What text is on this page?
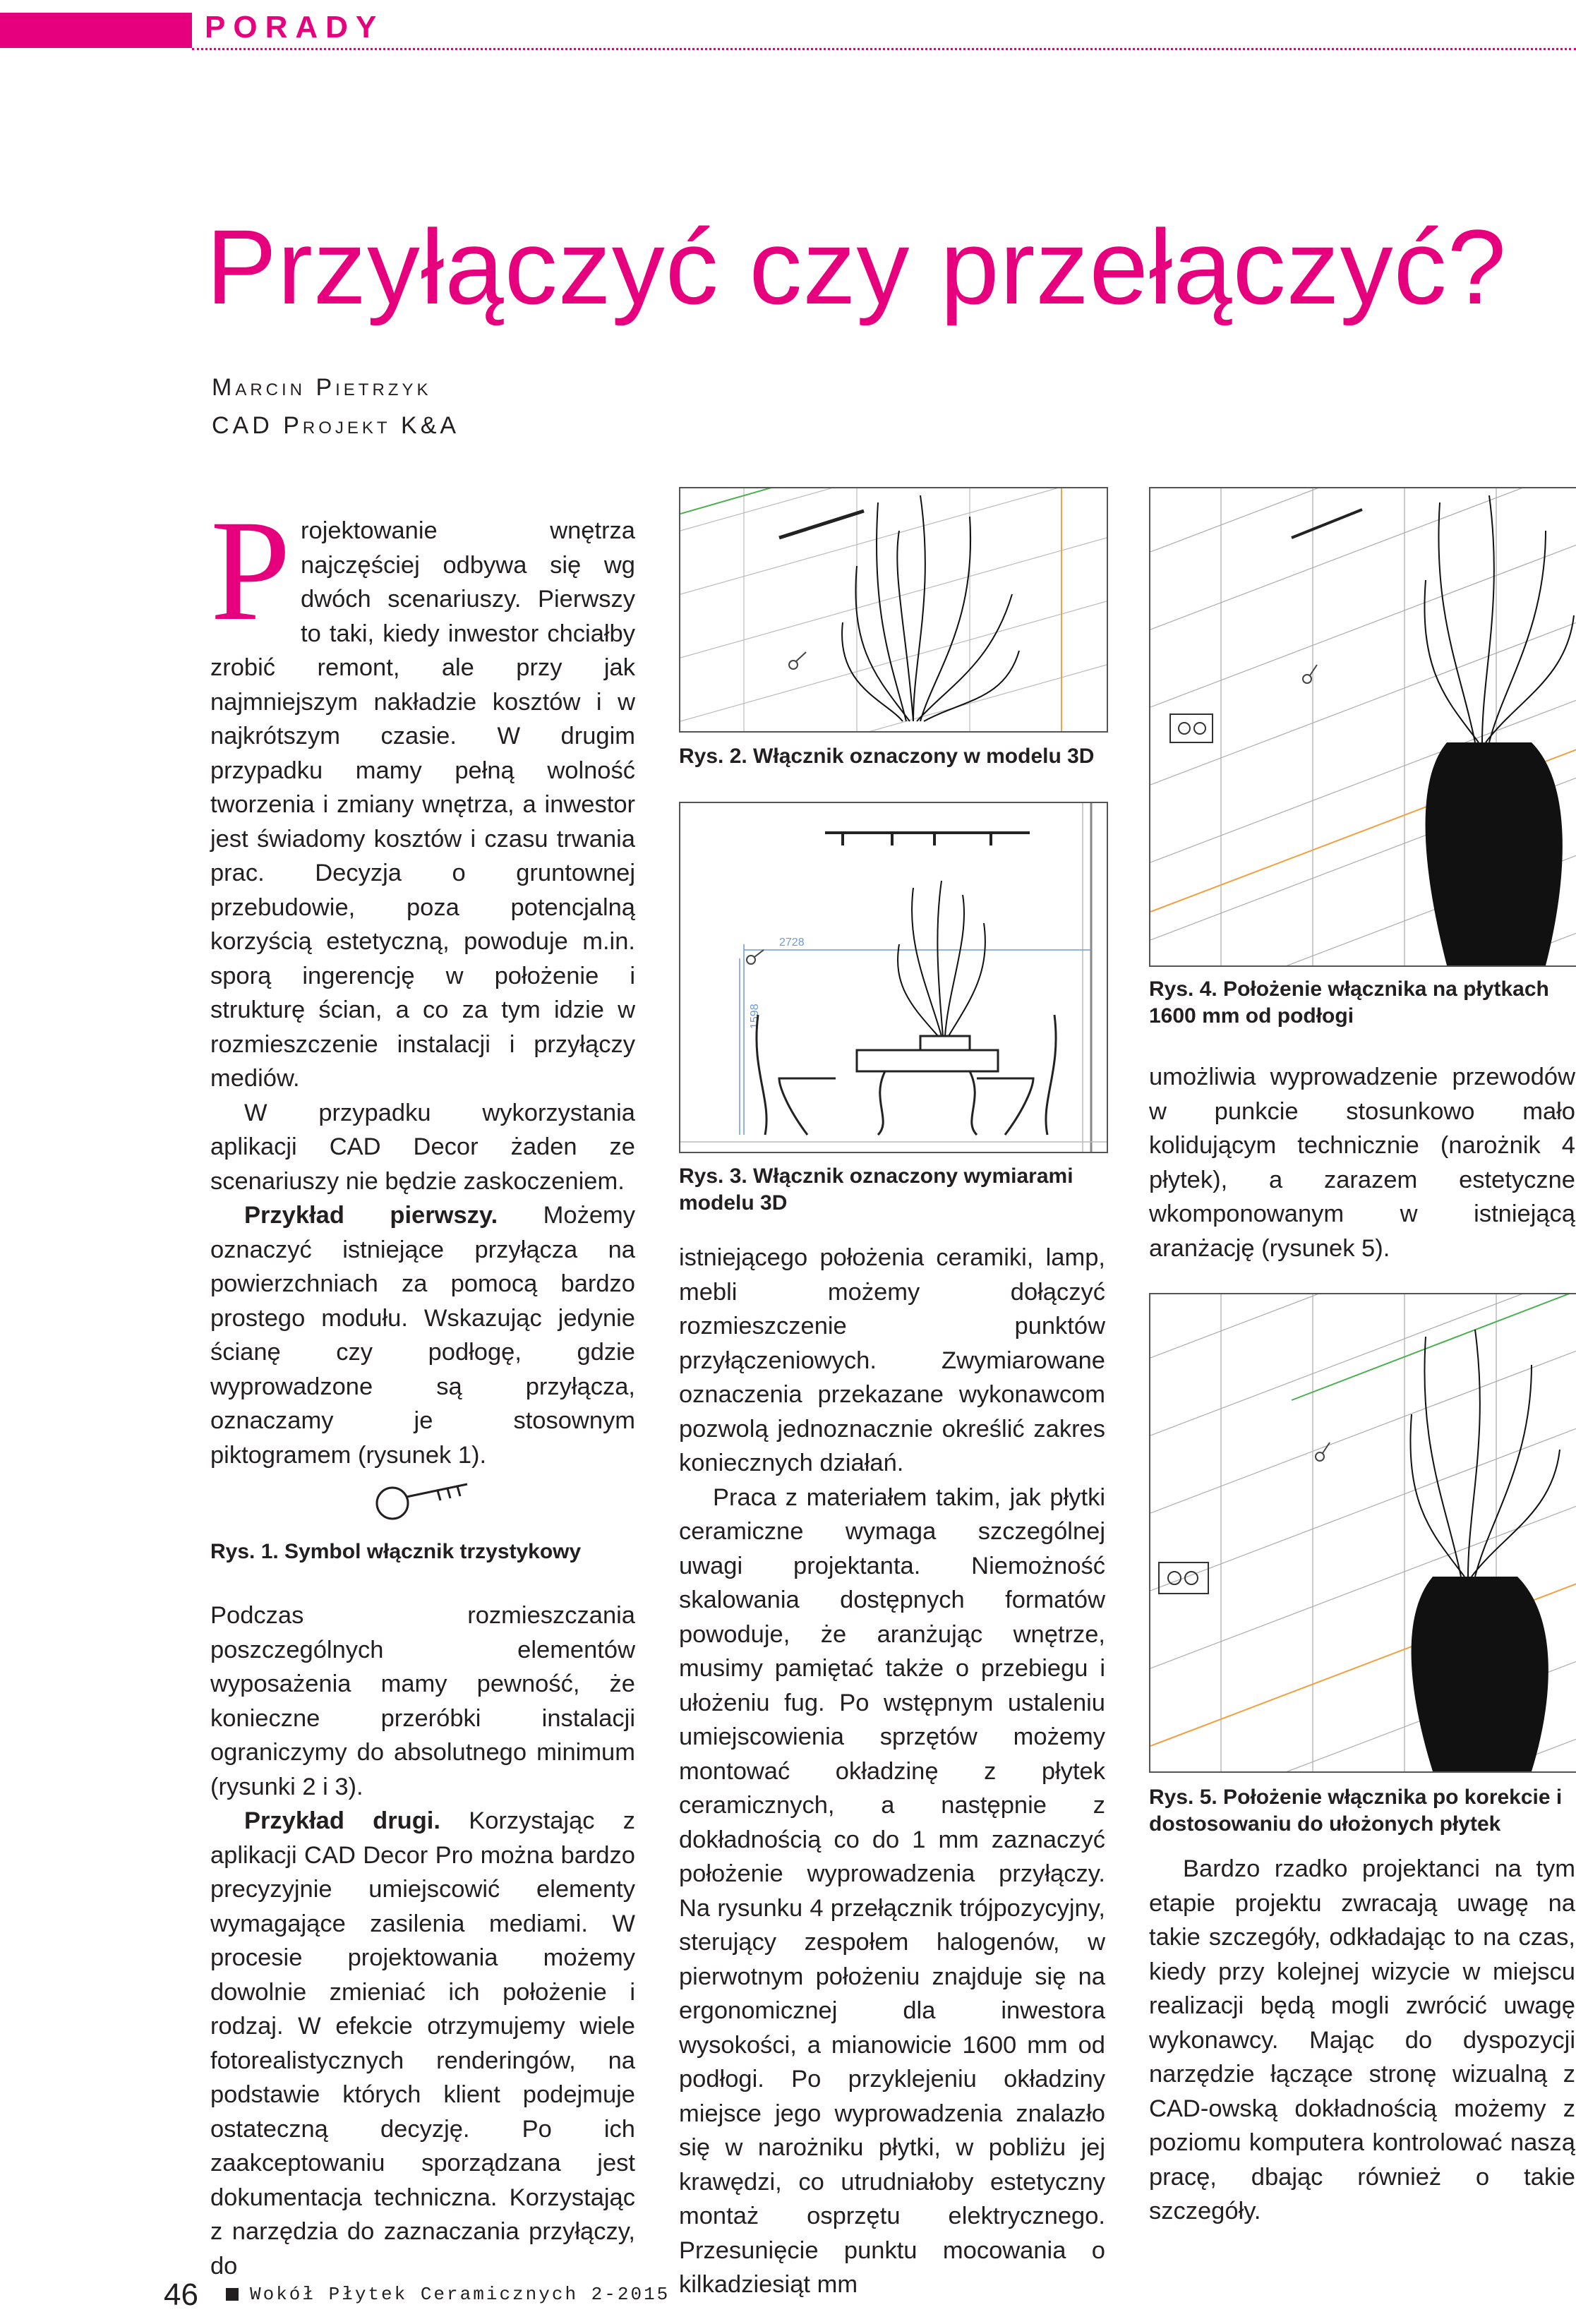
PORADY
Przyłączyć czy przełączyć?
Marcin Pietrzyk
CAD Projekt K&A

Projektowanie wnętrza najczęściej odbywa się wg dwóch scenariuszy. Pierwszy to taki, kiedy inwestor chciałby zrobić remont, ale przy jak najmniejszym nakładzie kosztów i w najkrótszym czasie. W drugim przypadku mamy pełną wolność tworzenia i zmiany wnętrza, a inwestor jest świadomy kosztów i czasu trwania prac. Decyzja o gruntownej przebudowie, poza potencjalną korzyścią estetyczną, powoduje m.in. sporą ingerencję w położenie i strukturę ścian, a co za tym idzie w rozmieszczenie instalacji i przyłączy mediów.

W przypadku wykorzystania aplikacji CAD Decor żaden ze scenariuszy nie będzie zaskoczeniem.

Przykład pierwszy. Możemy oznaczyć istniejące przyłącza na powierzchniach za pomocą bardzo prostego modułu. Wskazując jedynie ścianę czy podłogę, gdzie wyprowadzone są przyłącza, oznaczamy je stosownym piktogramem (rysunek 1).

Rys. 1. Symbol włącznik trzystykowy

Podczas rozmieszczania poszczególnych elementów wyposażenia mamy pewność, że konieczne przeróbki instalacji ograniczymy do absolutnego minimum (rysunki 2 i 3).

Przykład drugi. Korzystając z aplikacji CAD Decor Pro można bardzo precyzyjnie umiejscowić elementy wymagające zasilenia mediami. W procesie projektowania możemy dowolnie zmieniać ich położenie i rodzaj. W efekcie otrzymujemy wiele fotorealistycznych renderingów, na podstawie których klient podejmuje ostateczną decyzję. Po ich zaakceptowaniu sporządzana jest dokumentacja techniczna. Korzystając z narzędzia do zaznaczania przyłączy, do

Rys. 2. Włącznik oznaczony w modelu 3D
2728
1598
Rys. 3. Włącznik oznaczony wymiarami modelu 3D

istniejącego położenia ceramiki, lamp, mebli możemy dołączyć rozmieszczenie punktów przyłączeniowych. Zwymiarowane oznaczenia przekazane wykonawcom pozwolą jednoznacznie określić zakres koniecznych działań.

Praca z materiałem takim, jak płytki ceramiczne wymaga szczególnej uwagi projektanta. Niemożność skalowania dostępnych formatów powoduje, że aranżując wnętrze, musimy pamiętać także o przebiegu i ułożeniu fug. Po wstępnym ustaleniu umiejscowienia sprzętów możemy montować okładzinę z płytek ceramicznych, a następnie z dokładnością co do 1 mm zaznaczyć położenie wyprowadzenia przyłączy. Na rysunku 4 przełącznik trójpozycyjny, sterujący zespołem halogenów, w pierwotnym położeniu znajduje się na ergonomicznej dla inwestora wysokości, a mianowicie 1600 mm od podłogi. Po przyklejeniu okładziny miejsce jego wyprowadzenia znalazło się w narożniku płytki, w pobliżu jej krawędzi, co utrudniałoby estetyczny montaż osprzętu elektrycznego. Przesunięcie punktu mocowania o kilkadziesiąt mm

Rys. 4. Położenie włącznika na płytkach 1600 mm od podłogi

umożliwia wyprowadzenie przewodów w punkcie stosunkowo mało kolidującym technicznie (narożnik 4 płytek), a zarazem estetyczne wkomponowanym w istniejącą aranżację (rysunek 5).

Rys. 5. Położenie włącznika po korekcie i dostosowaniu do ułożonych płytek

Bardzo rzadko projektanci na tym etapie projektu zwracają uwagę na takie szczegóły, odkładając to na czas, kiedy przy kolejnej wizycie w miejscu realizacji będą mogli zwrócić uwagę wykonawcy. Mając do dyspozycji narzędzie łączące stronę wizualną z CAD-owską dokładnością możemy z poziomu komputera kontrolować naszą pracę, dbając również o takie szczegóły.

46	Wokół Płytek Ceramicznych 2-2015
